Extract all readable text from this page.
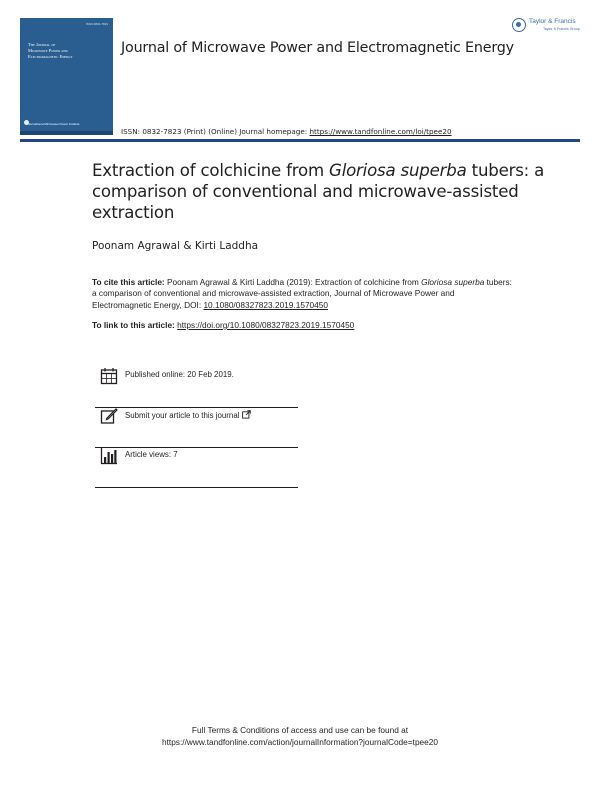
ISSN 0832-7823
The Journal of
Microwave Power and
Electromagnetic Energy
International Microwave Power Institute
Journal of Microwave Power and Electromagnetic Energy
ISSN: 0832-7823 (Print) (Online) Journal homepage: https://www.tandfonline.com/loi/tpee20
Taylor & Francis
Taylor & Francis Group
Extraction of colchicine from Gloriosa superba tubers: a comparison of conventional and microwave-assisted extraction
Poonam Agrawal & Kirti Laddha
To cite this article: Poonam Agrawal & Kirti Laddha (2019): Extraction of colchicine from Gloriosa superba tubers: a comparison of conventional and microwave-assisted extraction, Journal of Microwave Power and Electromagnetic Energy, DOI: 10.1080/08327823.2019.1570450
To link to this article: https://doi.org/10.1080/08327823.2019.1570450
Published online: 20 Feb 2019.
Submit your article to this journal
Article views: 7
Full Terms & Conditions of access and use can be found at
https://www.tandfonline.com/action/journalInformation?journalCode=tpee20
